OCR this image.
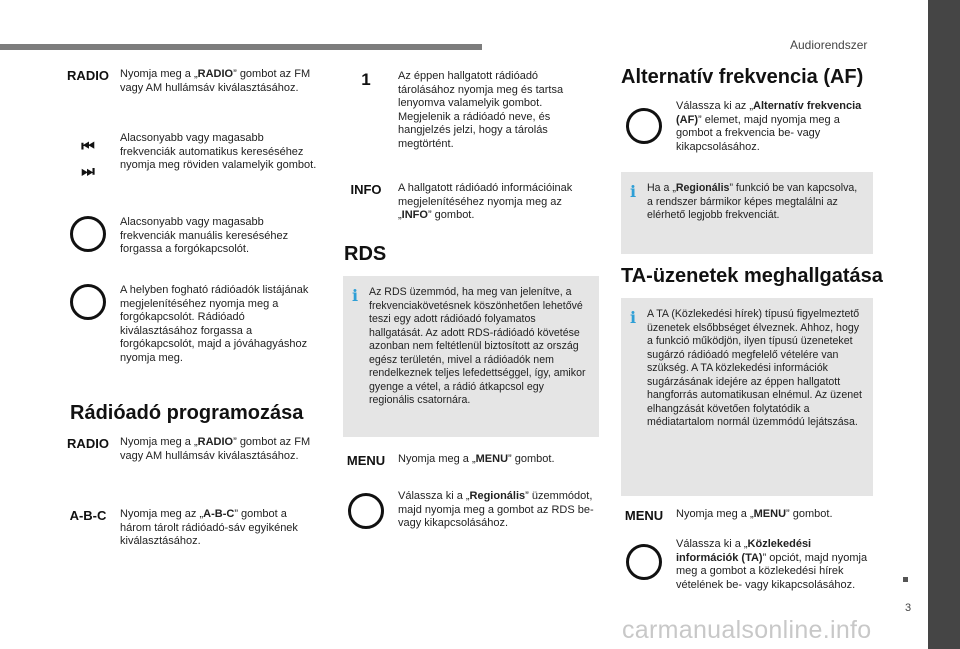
Audiorendszer
3
carmanualsonline.info
RADIO	Nyomja meg a „RADIO” gombot az FM vagy AM hullámsáv kiválasztásához.
⏮
⏭
Alacsonyabb vagy magasabb frekvenciák automatikus kereséséhez nyomja meg röviden valamelyik gombot.
Alacsonyabb vagy magasabb frekvenciák manuális kereséséhez forgassa a forgókapcsolót.
A helyben fogható rádióadók listájának megjelenítéséhez nyomja meg a forgókapcsolót. Rádióadó kiválasztásához forgassa a forgókapcsolót, majd a jóváhagyáshoz nyomja meg.
Rádióadó programozása
RADIO	Nyomja meg a „RADIO” gombot az FM vagy AM hullámsáv kiválasztásához.
A-B-C	Nyomja meg az „A-B-C” gombot a három tárolt rádióadó-sáv egyikének kiválasztásához.
1	Az éppen hallgatott rádióadó tárolásához nyomja meg és tartsa lenyomva valamelyik gombot. Megjelenik a rádióadó neve, és hangjelzés jelzi, hogy a tárolás megtörtént.
INFO	A hallgatott rádióadó információinak megjelenítéséhez nyomja meg az „INFO” gombot.
RDS
i Az RDS üzemmód, ha meg van jelenítve, a frekvenciakövetésnek köszönhetően lehetővé teszi egy adott rádióadó folyamatos hallgatását. Az adott RDS-rádióadó követése azonban nem feltétlenül biztosított az ország egész területén, mivel a rádióadók nem rendelkeznek teljes lefedettséggel, így, amikor gyenge a vétel, a rádió átkapcsol egy regionális csatornára.
MENU	Nyomja meg a „MENU” gombot.
Válassza ki a „Regionális” üzemmódot, majd nyomja meg a gombot az RDS be- vagy kikapcsolásához.
Alternatív frekvencia (AF)
Válassza ki az „Alternatív frekvencia (AF)” elemet, majd nyomja meg a gombot a frekvencia be- vagy kikapcsolásához.
i Ha a „Regionális” funkció be van kapcsolva, a rendszer bármikor képes megtalálni az elérhető legjobb frekvenciát.
TA-üzenetek meghallgatása
i A TA (Közlekedési hírek) típusú figyelmeztető üzenetek elsőbbséget élveznek. Ahhoz, hogy a funkció működjön, ilyen típusú üzeneteket sugárzó rádióadó megfelelő vételére van szükség. A TA közlekedési információk sugárzásának idejére az éppen hallgatott hangforrás automatikusan elnémul. Az üzenet elhangzását követően folytatódik a médiatartalom normál üzemmódú lejátszása.
MENU	Nyomja meg a „MENU” gombot.
Válassza ki a „Közlekedési információk (TA)” opciót, majd nyomja meg a gombot a közlekedési hírek vételének be- vagy kikapcsolásához.
